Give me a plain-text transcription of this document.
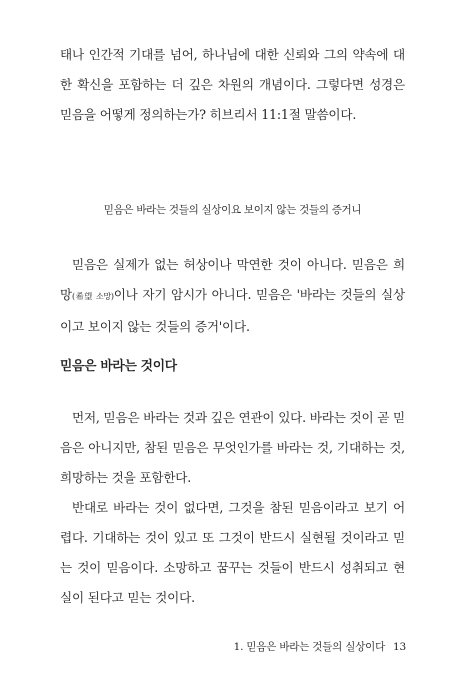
태나 인간적 기대를 넘어, 하나님에 대한 신뢰와 그의 약속에 대한 확신을 포함하는 더 깊은 차원의 개념이다. 그렇다면 성경은 믿음을 어떻게 정의하는가? 히브리서 11:1절 말씀이다.

믿음은 바라는 것들의 실상이요 보이지 않는 것들의 증거니

믿음은 실제가 없는 허상이나 막연한 것이 아니다. 믿음은 희망(希望 소망)이나 자기 암시가 아니다. 믿음은 '바라는 것들의 실상이고 보이지 않는 것들의 증거'이다.

믿음은 바라는 것이다

먼저, 믿음은 바라는 것과 깊은 연관이 있다. 바라는 것이 곧 믿음은 아니지만, 참된 믿음은 무엇인가를 바라는 것, 기대하는 것, 희망하는 것을 포함한다.

반대로 바라는 것이 없다면, 그것을 참된 믿음이라고 보기 어렵다. 기대하는 것이 있고 또 그것이 반드시 실현될 것이라고 믿는 것이 믿음이다. 소망하고 꿈꾸는 것들이 반드시 성취되고 현실이 된다고 믿는 것이다.

1. 믿음은 바라는 것들의 실상이다 13
